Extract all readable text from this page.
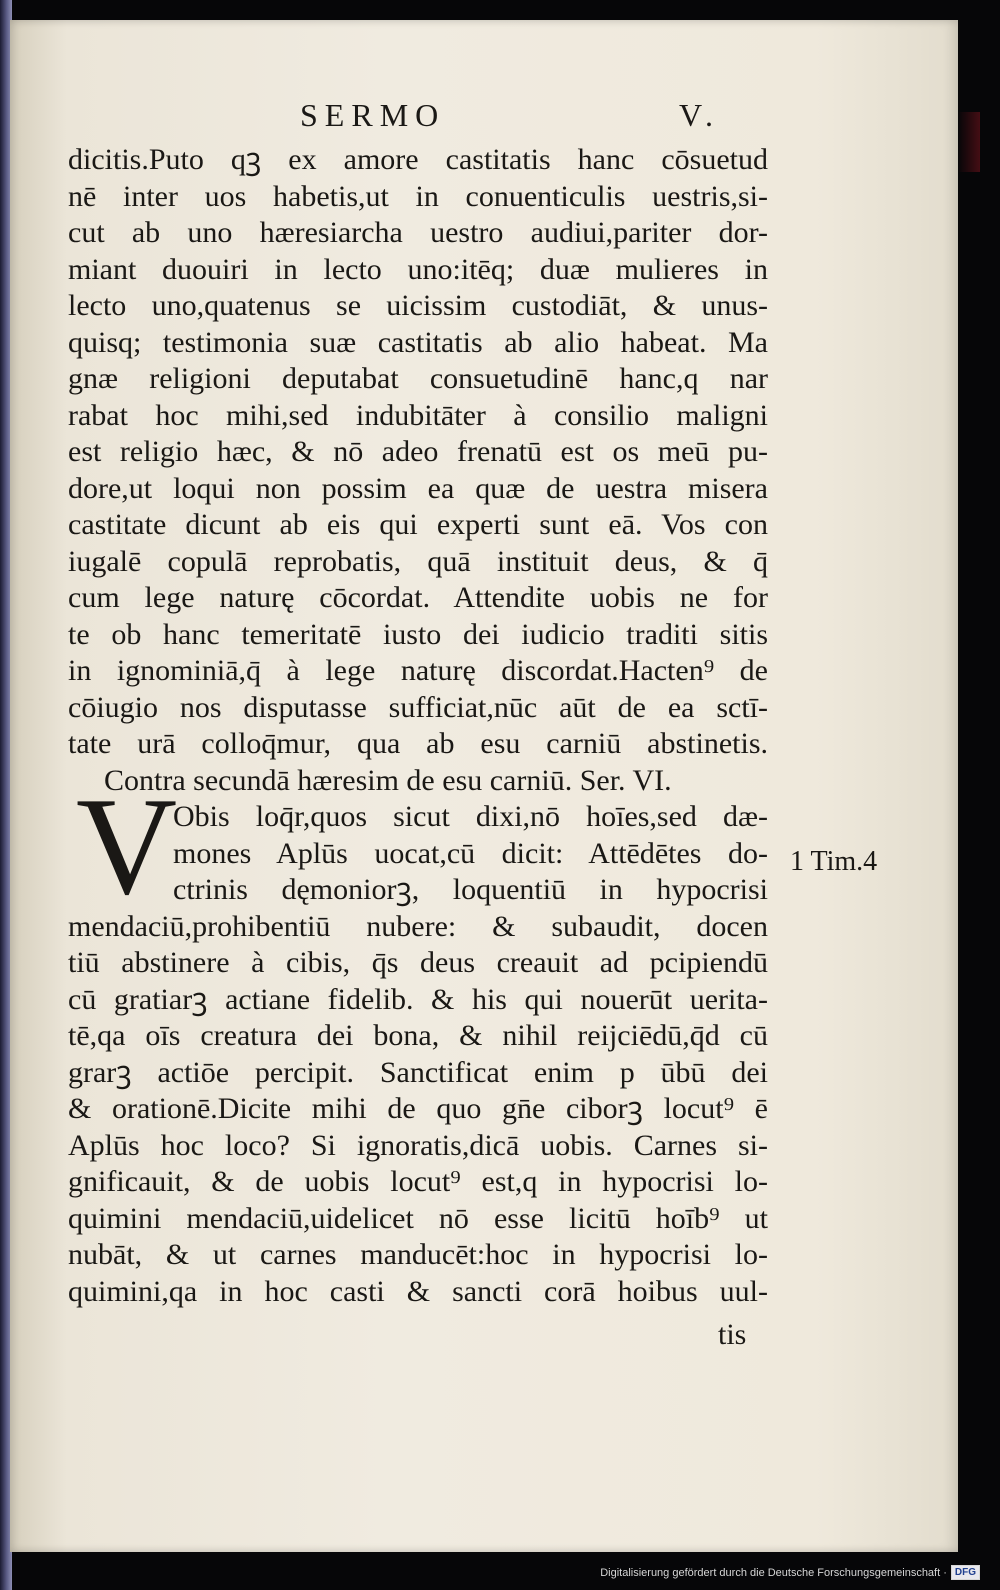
SERMO	V.
dicitis.Puto qꝫ ex amore castitatis hanc cōsuetud
nē inter uos habetis,ut in conuenticulis uestris,si-
cut ab uno hæresiarcha uestro audiui,pariter dor-
miant duouiri in lecto uno:itēq; duæ mulieres in
lecto uno,quatenus se uicissim custodiāt, & unus-
quisq; testimonia suæ castitatis ab alio habeat. Ma
gnæ religioni deputabat consuetudinē hanc,q nar
rabat hoc mihi,sed indubitāter à consilio maligni
est religio hæc, & nō adeo frenatū est os meū pu-
dore,ut loqui non possim ea quæ de uestra misera
castitate dicunt ab eis qui experti sunt eā. Vos con
iugalē copulā reprobatis, quā instituit deus, & q̄
cum lege naturę cōcordat. Attendite uobis ne for
te ob hanc temeritatē iusto dei iudicio traditi sitis
in ignominiā,q̄ à lege naturę discordat.Hacten⁹ de
cōiugio nos disputasse sufficiat,nūc aūt de ea sctī-
tate urā colloq̄mur, qua ab esu carniū abstinetis.
Contra secundā hæresim de esu carniū. Ser. VI.
Obis loq̄r,quos sicut dixi,nō hoīes,sed dæ-
mones Aplūs uocat,cū dicit: Attēdētes do-
ctrinis dęmoniorꝫ, loquentiū in hypocrisi
mendaciū,prohibentiū nubere: & subaudit, docen
tiū abstinere à cibis, q̄s deus creauit ad pcipiendū
cū gratiarꝫ actiane fidelib. & his qui nouerūt uerita-
tē,qa oīs creatura dei bona, & nihil reijciēdū,q̄d cū
grarꝫ actiōe percipit. Sanctificat enim p ūbū dei
& orationē.Dicite mihi de quo gn̄e ciborꝫ locut⁹ ē
Aplūs hoc loco? Si ignoratis,dicā uobis. Carnes si-
gnificauit, & de uobis locut⁹ est,q in hypocrisi lo-
quimini mendaciū,uidelicet nō esse licitū hoīb⁹ ut
nubāt, & ut carnes manducēt:hoc in hypocrisi lo-
quimini,qa in hoc casti & sancti corā hoibus uul-
V	1 Tim.4
tis
Digitalisierung gefördert durch die Deutsche Forschungsgemeinschaft · DFG
